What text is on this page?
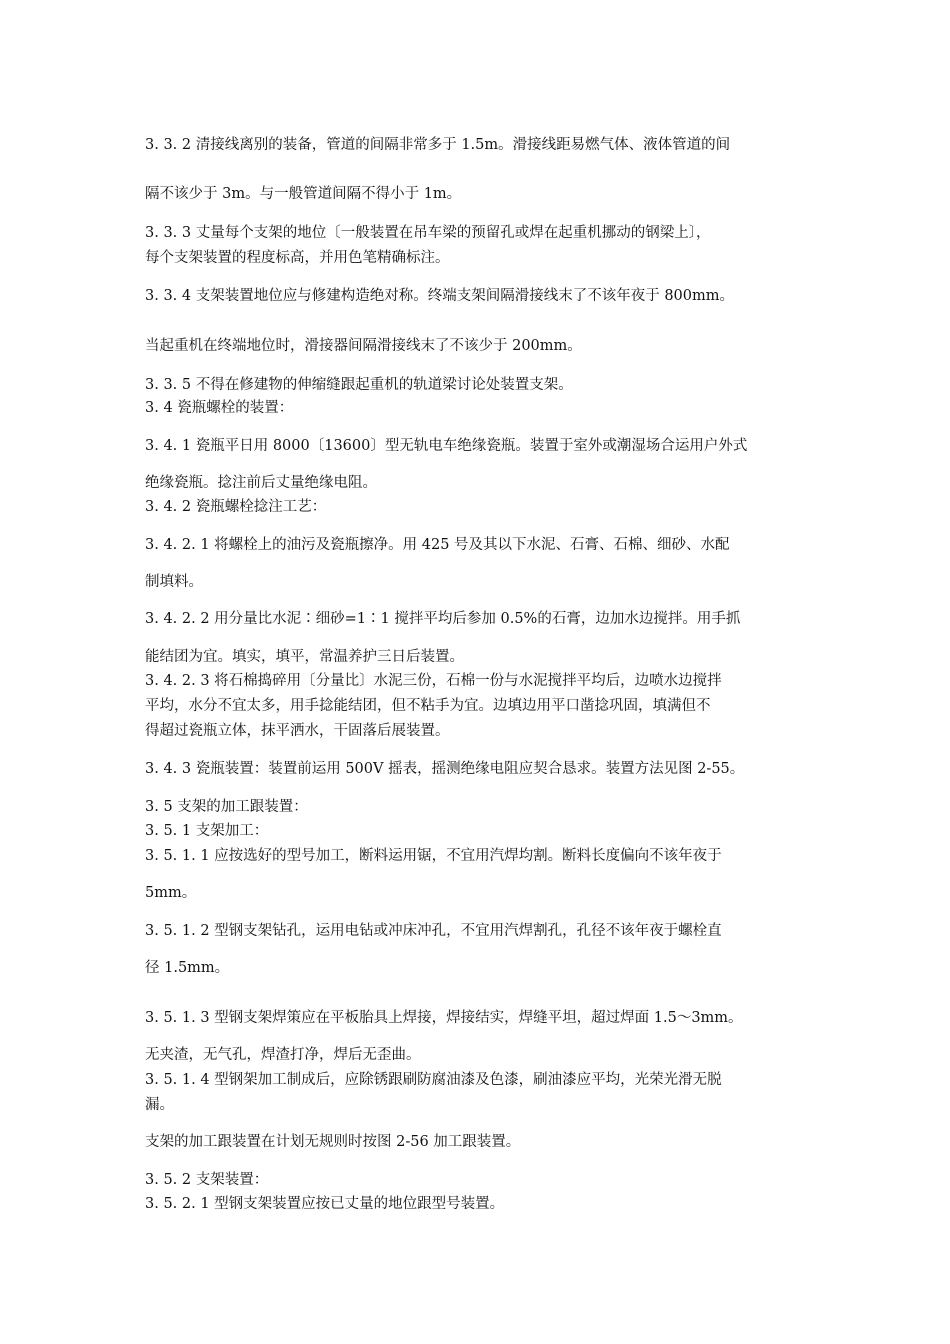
3. 3. 2 清接线离别的装备，管道的间隔非常多于 1.5m。滑接线距易燃气体、液体管道的间
隔不该少于 3m。与一般管道间隔不得小于 1m。
3. 3. 3 丈量每个支架的地位〔一般装置在吊车梁的预留孔或焊在起重机挪动的钢梁上〕，
每个支架装置的程度标高，并用色笔精确标注。
3. 3. 4 支架装置地位应与修建构造绝对称。终端支架间隔滑接线末了不该年夜于 800mm。
当起重机在终端地位时，滑接器间隔滑接线末了不该少于 200mm。
3. 3. 5 不得在修建物的伸缩缝跟起重机的轨道梁讨论处装置支架。
3. 4 瓷瓶螺栓的装置：
3. 4. 1 瓷瓶平日用 8000〔13600〕型无轨电车绝缘瓷瓶。装置于室外或潮湿场合运用户外式
绝缘瓷瓶。捻注前后丈量绝缘电阻。
3. 4. 2 瓷瓶螺栓捻注工艺：
3. 4. 2. 1 将螺栓上的油污及瓷瓶擦净。用 425 号及其以下水泥、石膏、石棉、细砂、水配
制填料。
3. 4. 2. 2 用分量比水泥∶细砂=1∶1 搅拌平均后参加 0.5%的石膏，边加水边搅拌。用手抓
能结团为宜。填实，填平，常温养护三日后装置。
3. 4. 2. 3 将石棉捣碎用〔分量比〕水泥三份，石棉一份与水泥搅拌平均后，边喷水边搅拌
平均，水分不宜太多，用手捻能结团，但不粘手为宜。边填边用平口凿捻巩固，填满但不
得超过瓷瓶立体，抹平洒水，干固落后展装置。
3. 4. 3 瓷瓶装置：装置前运用 500V 摇表，摇测绝缘电阻应契合恳求。装置方法见图 2-55。
3. 5 支架的加工跟装置：
3. 5. 1 支架加工：
3. 5. 1. 1 应按选好的型号加工，断料运用锯，不宜用汽焊均割。断料长度偏向不该年夜于
5mm。
3. 5. 1. 2 型钢支架钻孔，运用电钻或冲床冲孔，不宜用汽焊割孔，孔径不该年夜于螺栓直
径 1.5mm。
3. 5. 1. 3 型钢支架焊策应在平板胎具上焊接，焊接结实，焊缝平坦，超过焊面 1.5～3mm。
无夹渣，无气孔，焊渣打净，焊后无歪曲。
3. 5. 1. 4 型钢架加工制成后，应除锈跟刷防腐油漆及色漆，刷油漆应平均，光荣光滑无脱
漏。
支架的加工跟装置在计划无规则时按图 2-56 加工跟装置。
3. 5. 2 支架装置：
3. 5. 2. 1 型钢支架装置应按已丈量的地位跟型号装置。
